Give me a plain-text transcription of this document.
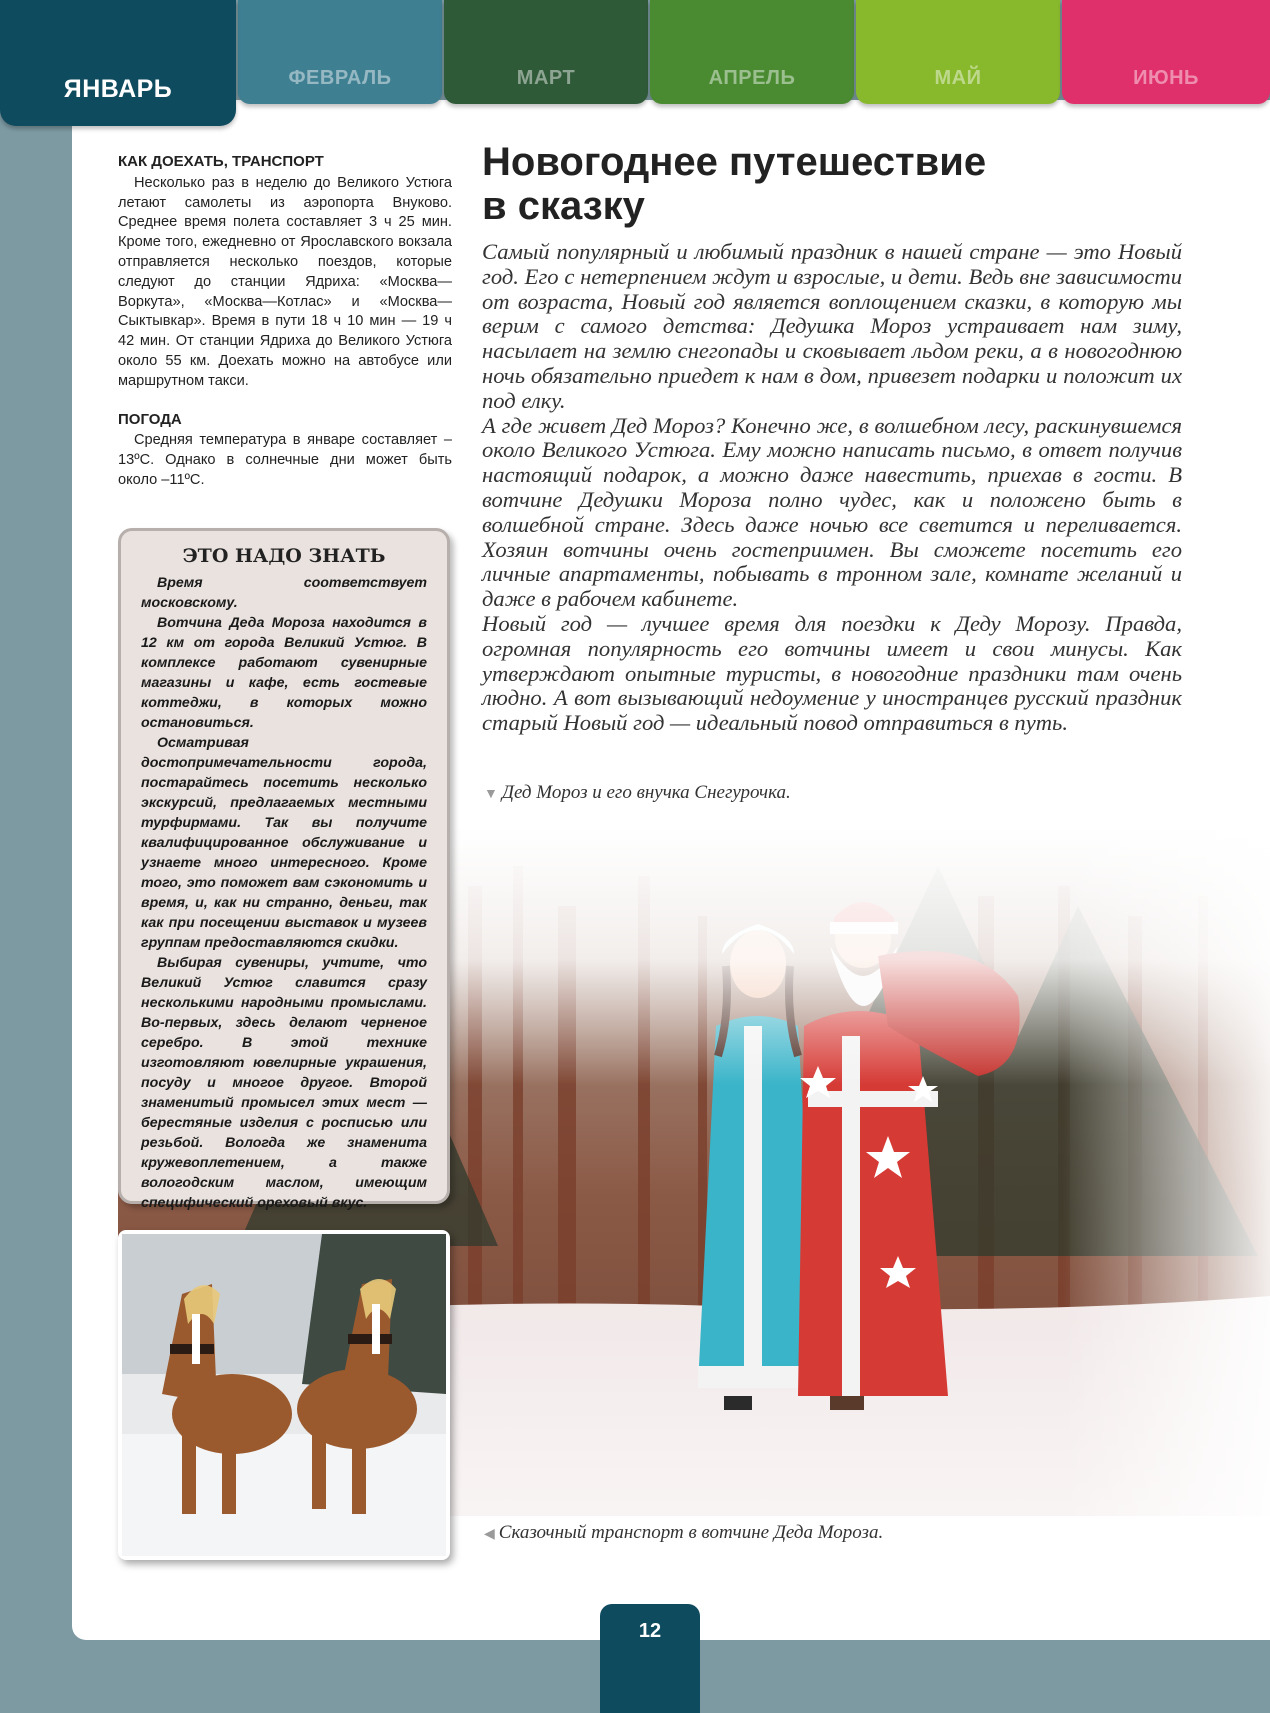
ФЕВРАЛЬ	МАРТ	АПРЕЛЬ	МАЙ	ИЮНЬ
ЯНВАРЬ
КАК ДОЕХАТЬ, ТРАНСПОРТ

Несколько раз в неделю до Великого Устюга летают самолеты из аэропорта Внуково. Среднее время полета составляет 3 ч 25 мин. Кроме того, ежедневно от Ярославского вокзала отправляется несколько поездов, которые следуют до станции Ядриха: «Москва—Воркута», «Москва—Котлас» и «Москва—Сыктывкар». Время в пути 18 ч 10 мин — 19 ч 42 мин. От станции Ядриха до Великого Устюга около 55 км. Доехать можно на автобусе или маршрутном такси.

ПОГОДА

Средняя температура в январе составляет –13ºС. Однако в солнечные дни может быть около –11ºС.

Новогоднее путешествие
в сказку

Самый популярный и любимый праздник в нашей стране — это Новый год. Его с нетерпением ждут и взрослые, и дети. Ведь вне зависимости от возраста, Новый год является воплощением сказки, в которую мы верим с самого детства: Дедушка Мороз устраивает нам зиму, насылает на землю снегопады и сковывает льдом реки, а в новогоднюю ночь обязательно приедет к нам в дом, привезет подарки и положит их под елку.

А где живет Дед Мороз? Конечно же, в волшебном лесу, раскинувшемся около Великого Устюга. Ему можно написать письмо, в ответ получив настоящий подарок, а можно даже навестить, приехав в гости. В вотчине Дедушки Мороза полно чудес, как и положено быть в волшебной стране. Здесь даже ночью все светится и переливается. Хозяин вотчины очень гостеприимен. Вы сможете посетить его личные апартаменты, побывать в тронном зале, комнате желаний и даже в рабочем кабинете.

Новый год — лучшее время для поездки к Деду Морозу. Правда, огромная популярность его вотчины имеет и свои минусы. Как утверждают опытные туристы, в новогодние праздники там очень людно. А вот вызывающий недоумение у иностранцев русский праздник старый Новый год — идеальный повод отправиться в путь.

▼ Дед Мороз и его внучка Снегурочка.
ЭТО НАДО ЗНАТЬ

Время соответствует московскому.

Вотчина Деда Мороза находится в 12 км от города Великий Устюг. В комплексе работают сувенирные магазины и кафе, есть гостевые коттеджи, в которых можно остановиться.

Осматривая достопримечательности города, постарайтесь посетить несколько экскурсий, предлагаемых местными турфирмами. Так вы получите квалифицированное обслуживание и узнаете много интересного. Кроме того, это поможет вам сэкономить и время, и, как ни странно, деньги, так как при посещении выставок и музеев группам предоставляются скидки.

Выбирая сувениры, учтите, что Великий Устюг славится сразу несколькими народными промыслами. Во-первых, здесь делают черненое серебро. В этой технике изготовляют ювелирные украшения, посуду и многое другое. Второй знаменитый промысел этих мест — берестяные изделия с росписью или резьбой. Вологда же знаменита кружевоплетением, а также вологодским маслом, имеющим специфический ореховый вкус.

◀ Сказочный транспорт в вотчине Деда Мороза.
12
